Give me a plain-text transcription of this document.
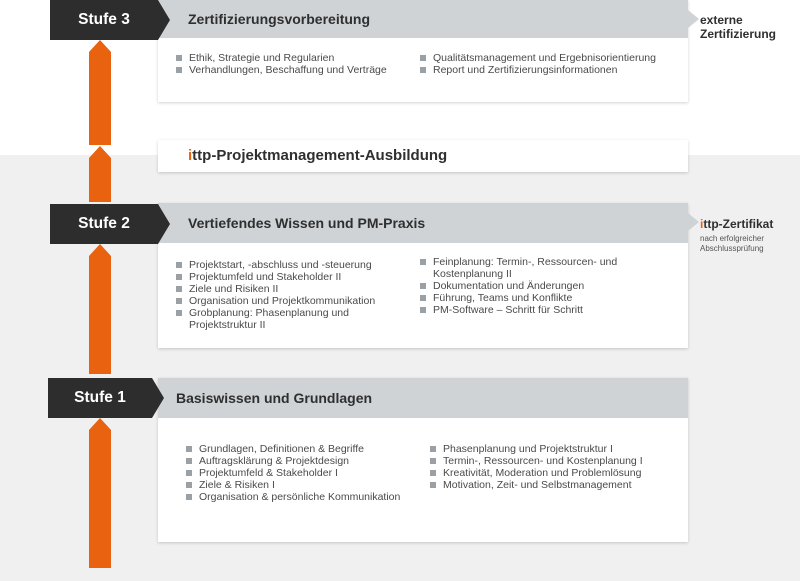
Zertifizierungsvorbereitung
Ethik, Strategie und Regularien
Verhandlungen, Beschaffung und Verträge
Qualitätsmanagement und Ergebnisorientierung
Report und Zertifizierungsinformationen
Stufe 3	externe
Zertifizierung
ittp-Projektmanagement-Ausbildung
Vertiefendes Wissen und PM-Praxis
Projektstart, -abschluss und -steuerung
Projektumfeld und Stakeholder II
Ziele und Risiken II
Organisation und Projektkommunikation
Grobplanung: Phasenplanung und Projektstruktur II
Feinplanung: Termin-, Ressourcen- und Kostenplanung II
Dokumentation und Änderungen
Führung, Teams und Konflikte
PM-Software – Schritt für Schritt
Stufe 2	ittp-Zertifikat
nach erfolgreicher
Abschlussprüfung
Basiswissen und Grundlagen
Grundlagen, Definitionen & Begriffe
Auftragsklärung & Projektdesign
Projektumfeld & Stakeholder I
Ziele & Risiken I
Organisation & persönliche Kommunikation
Phasenplanung und Projektstruktur I
Termin-, Ressourcen- und Kostenplanung I
Kreativität, Moderation und Problemlösung
Motivation, Zeit- und Selbstmanagement
Stufe 1
